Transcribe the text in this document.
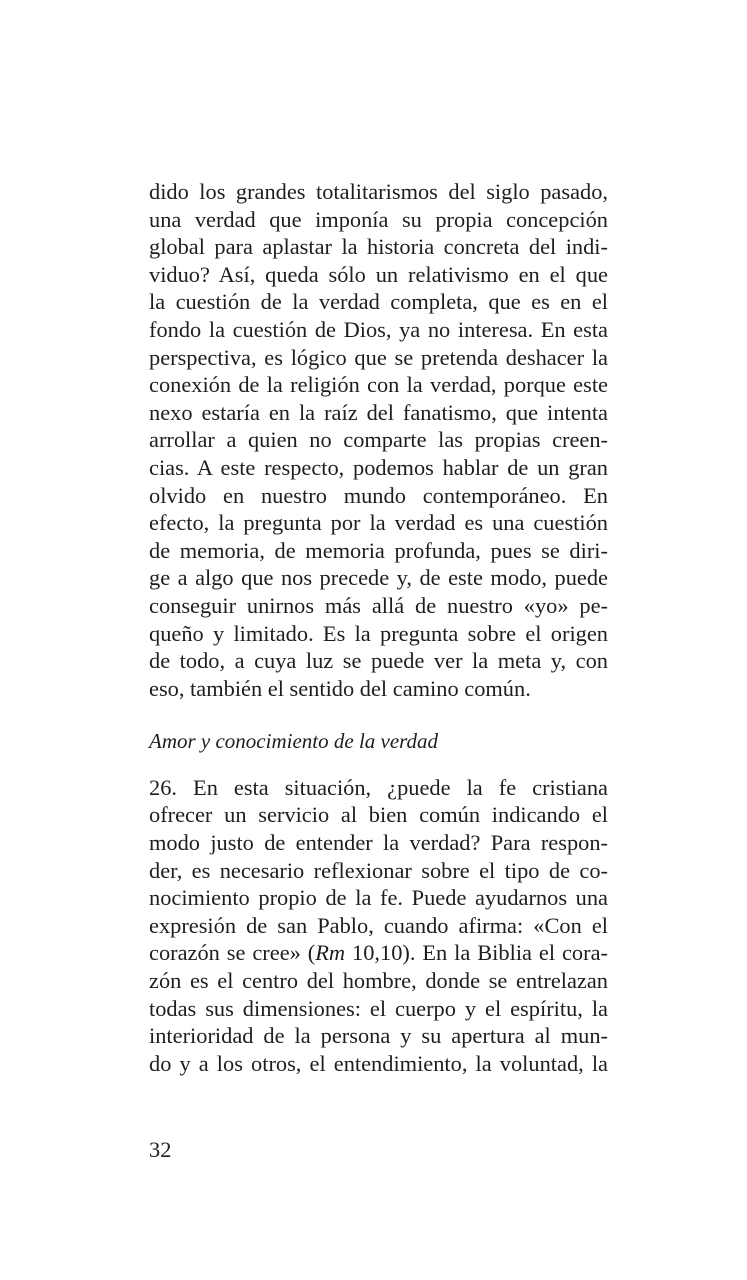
dido los grandes totalitarismos del siglo pasado,
una verdad que imponía su propia concepción
global para aplastar la historia concreta del indi-
viduo? Así, queda sólo un relativismo en el que
la cuestión de la verdad completa, que es en el
fondo la cuestión de Dios, ya no interesa. En esta
perspectiva, es lógico que se pretenda deshacer la
conexión de la religión con la verdad, porque este
nexo estaría en la raíz del fanatismo, que intenta
arrollar a quien no comparte las propias creen-
cias. A este respecto, podemos hablar de un gran
olvido en nuestro mundo contemporáneo. En
efecto, la pregunta por la verdad es una cuestión
de memoria, de memoria profunda, pues se diri-
ge a algo que nos precede y, de este modo, puede
conseguir unirnos más allá de nuestro «yo» pe-
queño y limitado. Es la pregunta sobre el origen
de todo, a cuya luz se puede ver la meta y, con
eso, también el sentido del camino común.
Amor y conocimiento de la verdad
26. En esta situación, ¿puede la fe cristiana
ofrecer un servicio al bien común indicando el
modo justo de entender la verdad? Para respon-
der, es necesario reflexionar sobre el tipo de co-
nocimiento propio de la fe. Puede ayudarnos una
expresión de san Pablo, cuando afirma: «Con el
corazón se cree» (Rm 10,10). En la Biblia el cora-
zón es el centro del hombre, donde se entrelazan
todas sus dimensiones: el cuerpo y el espíritu, la
interioridad de la persona y su apertura al mun-
do y a los otros, el entendimiento, la voluntad, la
32
